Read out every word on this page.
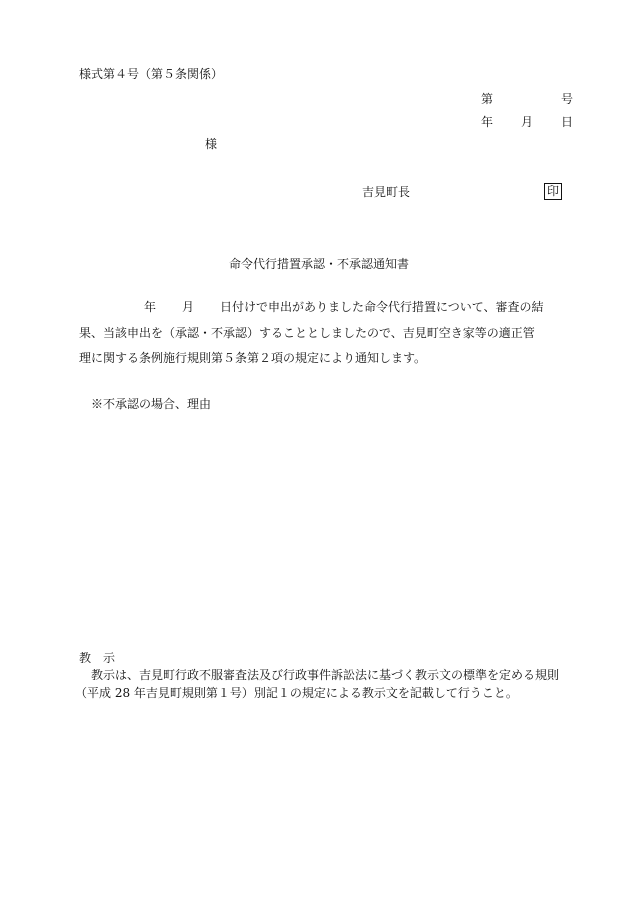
様式第４号（第５条関係）
第	号
年 月 日
様
吉見町長	印
命令代行措置承認・不承認通知書
年 月 日付けで申出がありました命令代行措置について、審査の結
果、当該申出を（承認・不承認）することとしましたので、吉見町空き家等の適正管
理に関する条例施行規則第５条第２項の規定により通知します。
※不承認の場合、理由
教　示
教示は、吉見町行政不服審査法及び行政事件訴訟法に基づく教示文の標準を定める規則
（平成 28 年吉見町規則第１号）別記１の規定による教示文を記載して行うこと。
